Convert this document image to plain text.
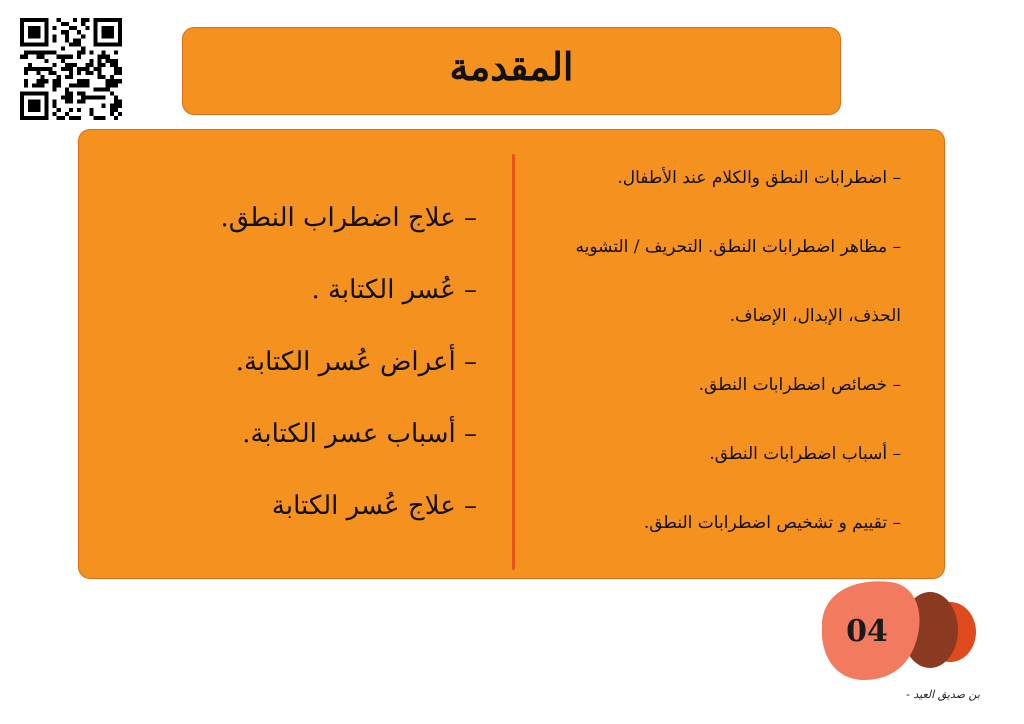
المقدمة
– اضطرابات النطق والكلام عند الأطفال.
– مظاهر اضطرابات النطق. التحريف / التشويه
الحذف، الإبدال، الإضاف.
– خصائص اضطرابات النطق.
– أسباب اضطرابات النطق.
– تقييم و تشخيص اضطرابات النطق.
– علاج اضطراب النطق.
– عُسر الكتابة .
– أعراض عُسر الكتابة.
– أسباب عسر الكتابة.
– علاج عُسر الكتابة
04
بن صديق العيد -
